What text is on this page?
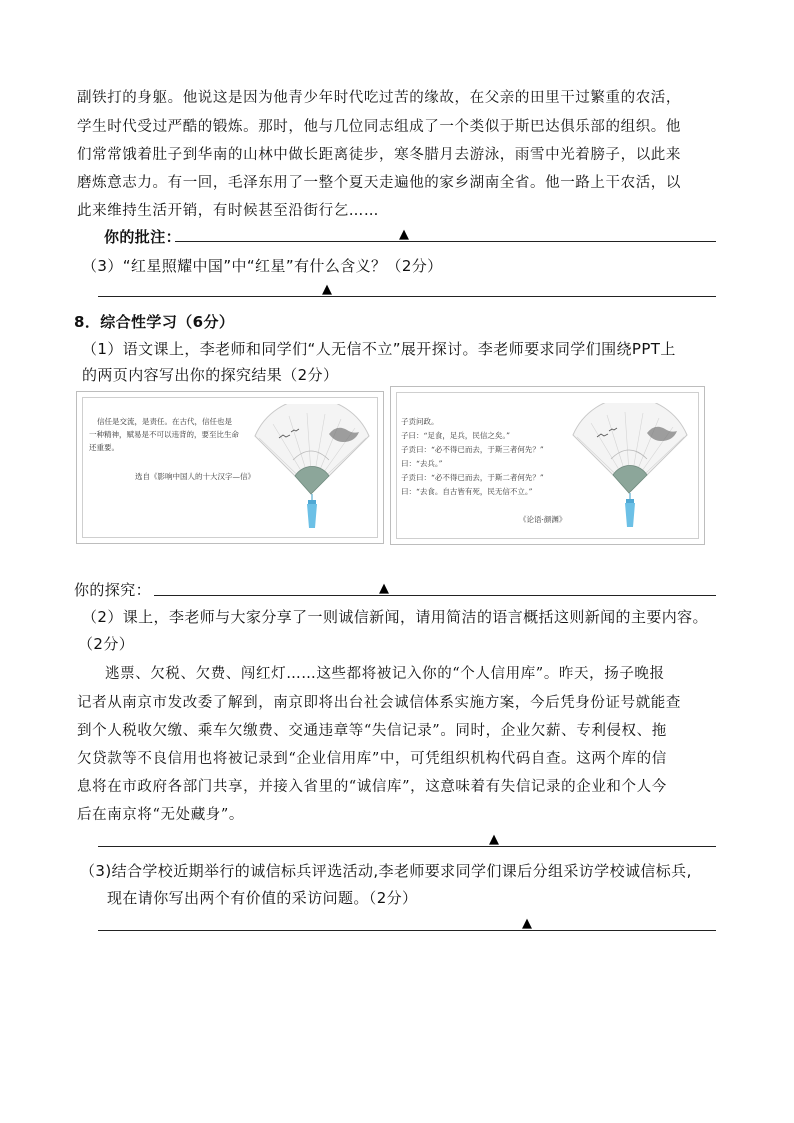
副铁打的身躯。他说这是因为他青少年时代吃过苦的缘故，在父亲的田里干过繁重的农活，
学生时代受过严酷的锻炼。那时，他与几位同志组成了一个类似于斯巴达俱乐部的组织。他
们常常饿着肚子到华南的山林中做长距离徒步，寒冬腊月去游泳，雨雪中光着膀子，以此来
磨炼意志力。有一回，毛泽东用了一整个夏天走遍他的家乡湖南全省。他一路上干农活，以
此来维持生活开销，有时候甚至沿街行乞……
你的批注：	▲
（3）“红星照耀中国”中“红星”有什么含义？（2分）
▲
8．综合性学习（6分）
（1）语文课上，李老师和同学们“人无信不立”展开探讨。李老师要求同学们围绕PPT上
的两页内容写出你的探究结果（2分）
信任是交流，是责任。在古代，信任也是
一种精神，赋易是不可以违背的，要至比生命
还重要。
选自《影响中国人的十大汉字—信》
子贡问政。
子曰：“足食，足兵，民信之矣。”
子贡曰：“必不得已而去，于斯三者何先？”
曰：“去兵。”
子贡曰：“必不得已而去，于斯二者何先？”
曰：“去食。自古皆有死，民无信不立。”
《论语·颜渊》
你的探究：	▲
（2）课上，李老师与大家分享了一则诚信新闻，请用简洁的语言概括这则新闻的主要内容。
（2分）
逃票、欠税、欠费、闯红灯……这些都将被记入你的“个人信用库”。昨天，扬子晚报
记者从南京市发改委了解到，南京即将出台社会诚信体系实施方案，今后凭身份证号就能查
到个人税收欠缴、乘车欠缴费、交通违章等“失信记录”。同时，企业欠薪、专利侵权、拖
欠贷款等不良信用也将被记录到“企业信用库”中，可凭组织机构代码自查。这两个库的信
息将在市政府各部门共享，并接入省里的“诚信库”，这意味着有失信记录的企业和个人今
后在南京将“无处藏身”。
▲
（3)结合学校近期举行的诚信标兵评选活动,李老师要求同学们课后分组采访学校诚信标兵,
现在请你写出两个有价值的采访问题。（2分）
▲
